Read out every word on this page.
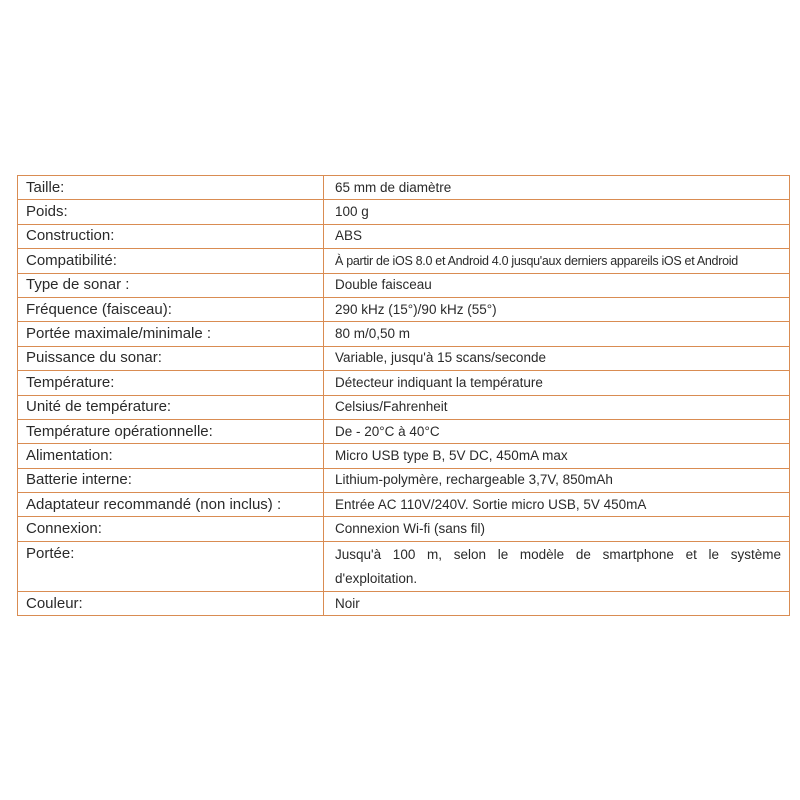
Taille:	65 mm de diamètre
Poids:	100 g
Construction:	ABS
Compatibilité:	À partir de iOS 8.0 et Android 4.0 jusqu'aux derniers appareils iOS et Android
Type de sonar :	Double faisceau
Fréquence (faisceau):	290 kHz (15°)/90 kHz (55°)
Portée maximale/minimale :	80 m/0,50 m
Puissance du sonar:	Variable, jusqu'à 15 scans/seconde
Température:	Détecteur indiquant la température
Unité de température:	Celsius/Fahrenheit
Température opérationnelle:	De - 20°C à 40°C
Alimentation:	Micro USB type B, 5V DC, 450mA max
Batterie interne:	Lithium-polymère, rechargeable 3,7V, 850mAh
Adaptateur recommandé (non inclus) :	Entrée AC 110V/240V. Sortie micro USB, 5V 450mA
Connexion:	Connexion Wi-fi (sans fil)
Portée:	Jusqu'à 100 m, selon le modèle de smartphone et le système d'exploitation.
Couleur:	Noir
